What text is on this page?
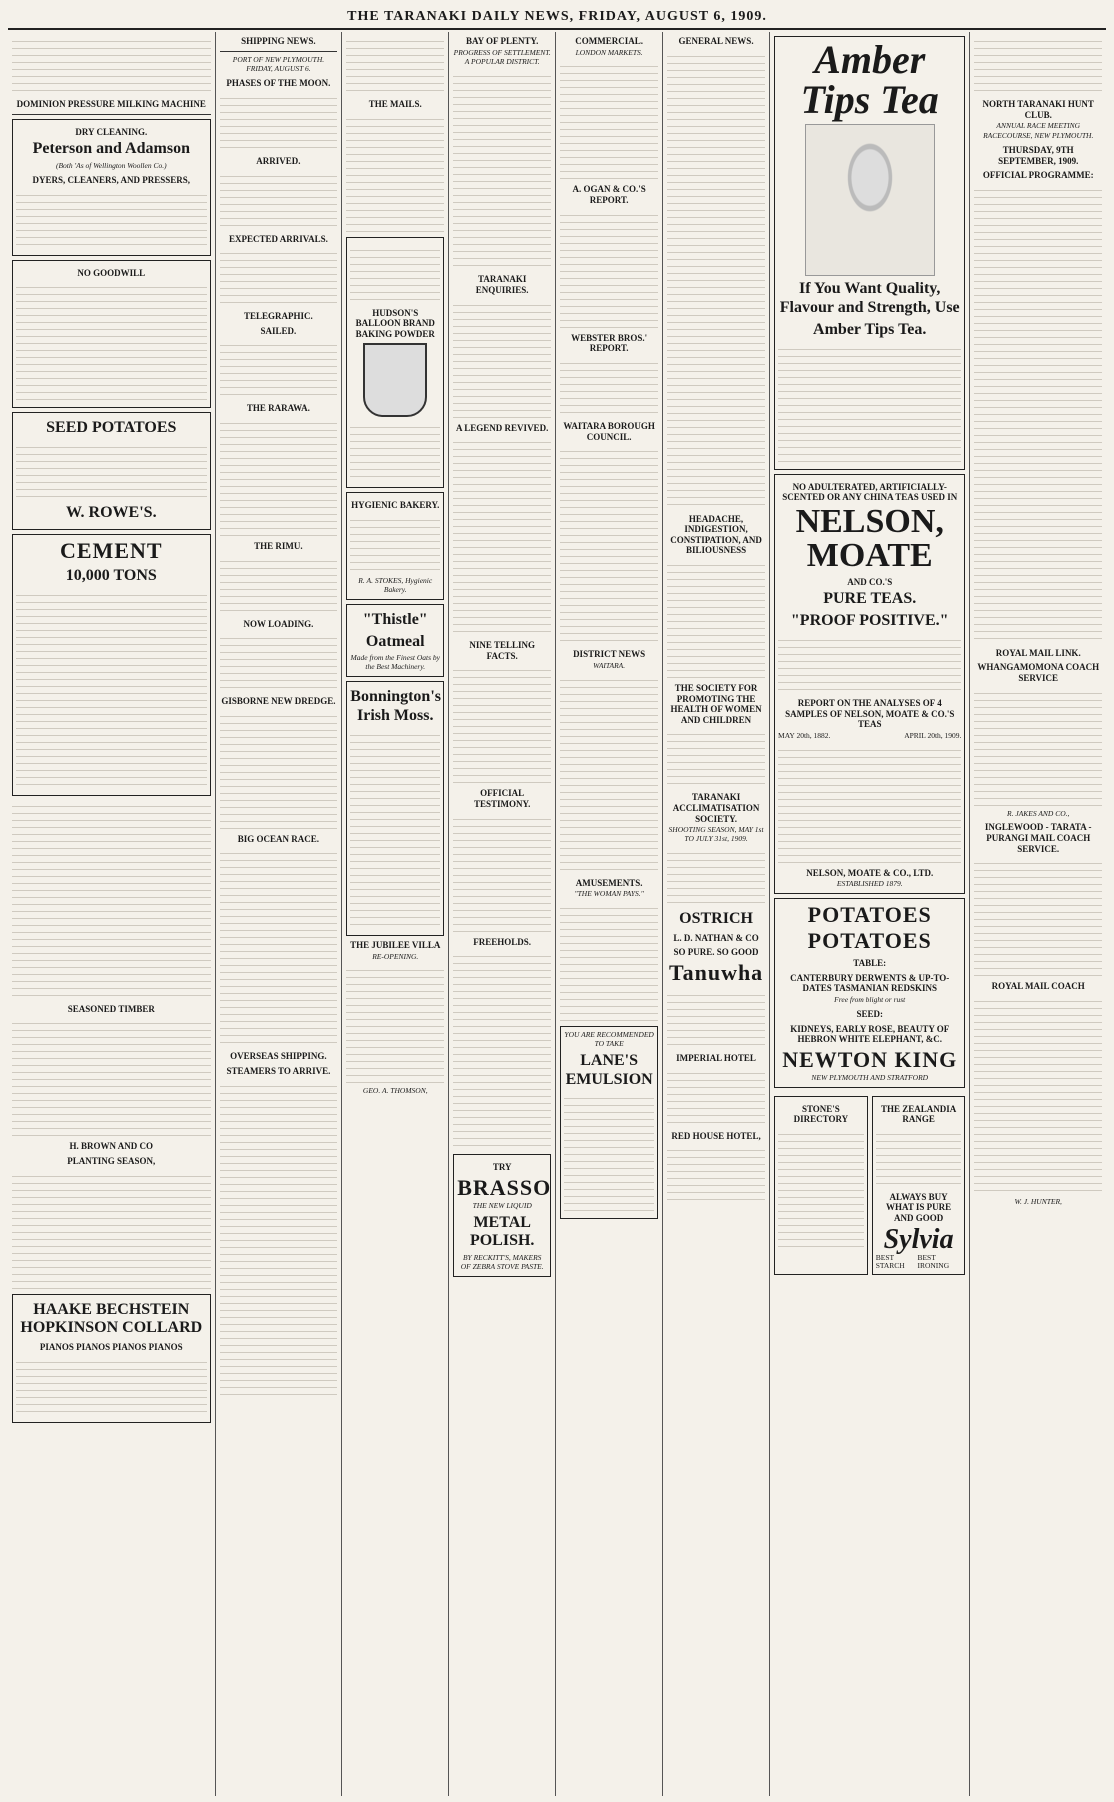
THE TARANAKI DAILY NEWS, FRIDAY, AUGUST 6, 1909.
DOMINION PRESSURE MILKING MACHINE
DRY CLEANING.
Peterson and Adamson
(Both 'As of Wellington Woollen Co.)
DYERS, CLEANERS, AND PRESSERS,
NO GOODWILL
SEED POTATOES
W. ROWE'S.
CEMENT
10,000 TONS
SEASONED TIMBER
H. BROWN AND CO
PLANTING SEASON,
HAAKE BECHSTEIN HOPKINSON COLLARD
PIANOS PIANOS PIANOS PIANOS
SHIPPING NEWS.
PORT OF NEW PLYMOUTH.
FRIDAY, AUGUST 6.
PHASES OF THE MOON.
ARRIVED.
EXPECTED ARRIVALS.
TELEGRAPHIC.
SAILED.
THE RARAWA.
THE RIMU.
NOW LOADING.
GISBORNE NEW DREDGE.
BIG OCEAN RACE.
OVERSEAS SHIPPING.
STEAMERS TO ARRIVE.
THE MAILS.
HUDSON'S BALLOON BRAND BAKING POWDER
HYGIENIC BAKERY.
R. A. STOKES, Hygienic Bakery.
"Thistle"
Oatmeal
Made from the Finest Oats by the Best Machinery.
Bonnington's Irish Moss.
THE JUBILEE VILLA
RE-OPENING.
GEO. A. THOMSON,
BAY OF PLENTY.
PROGRESS OF SETTLEMENT.
A POPULAR DISTRICT.
TARANAKI ENQUIRIES.
A LEGEND REVIVED.
NINE TELLING FACTS.
OFFICIAL TESTIMONY.
FREEHOLDS.
TRY
BRASSO
THE NEW LIQUID
METAL POLISH.
BY RECKITT'S, MAKERS OF ZEBRA STOVE PASTE.
COMMERCIAL.
LONDON MARKETS.
A. OGAN & CO.'S REPORT.
WEBSTER BROS.' REPORT.
WAITARA BOROUGH COUNCIL.
DISTRICT NEWS
WAITARA.
AMUSEMENTS.
"THE WOMAN PAYS."
YOU ARE RECOMMENDED TO TAKE
LANE'S EMULSION
GENERAL NEWS.
HEADACHE, INDIGESTION, CONSTIPATION, AND BILIOUSNESS
THE SOCIETY FOR PROMOTING THE HEALTH OF WOMEN AND CHILDREN
TARANAKI ACCLIMATISATION SOCIETY.
SHOOTING SEASON, MAY 1st TO JULY 31st, 1909.
OSTRICH
L. D. NATHAN & CO
SO PURE. SO GOOD
Tanuwha
IMPERIAL HOTEL
RED HOUSE HOTEL,
Amber Tips Tea
If You Want Quality, Flavour and Strength, Use
Amber Tips Tea.
NO ADULTERATED, ARTIFICIALLY-SCENTED OR ANY CHINA TEAS USED IN
NELSON, MOATE
AND CO.'S
PURE TEAS.
"PROOF POSITIVE."
REPORT ON THE ANALYSES OF 4 SAMPLES OF NELSON, MOATE & CO.'S TEAS
MAY 20th, 1882.	APRIL 20th, 1909.
NELSON, MOATE & CO., LTD.
ESTABLISHED 1879.
POTATOES POTATOES
TABLE:
CANTERBURY DERWENTS & UP-TO-DATES TASMANIAN REDSKINS
Free from blight or rust
SEED:
KIDNEYS, EARLY ROSE, BEAUTY OF HEBRON WHITE ELEPHANT, &C.
NEWTON KING
NEW PLYMOUTH AND STRATFORD
STONE'S DIRECTORY
THE ZEALANDIA RANGE
ALWAYS BUY WHAT IS PURE AND GOOD
Sylvia
BEST STARCH
BEST IRONING
NORTH TARANAKI HUNT CLUB.
ANNUAL RACE MEETING
RACECOURSE, NEW PLYMOUTH.
THURSDAY, 9TH SEPTEMBER, 1909.
OFFICIAL PROGRAMME:
ROYAL MAIL LINK.
WHANGAMOMONA COACH SERVICE
R. JAKES AND CO.,
INGLEWOOD - TARATA - PURANGI MAIL COACH SERVICE.
ROYAL MAIL COACH
W. J. HUNTER,
